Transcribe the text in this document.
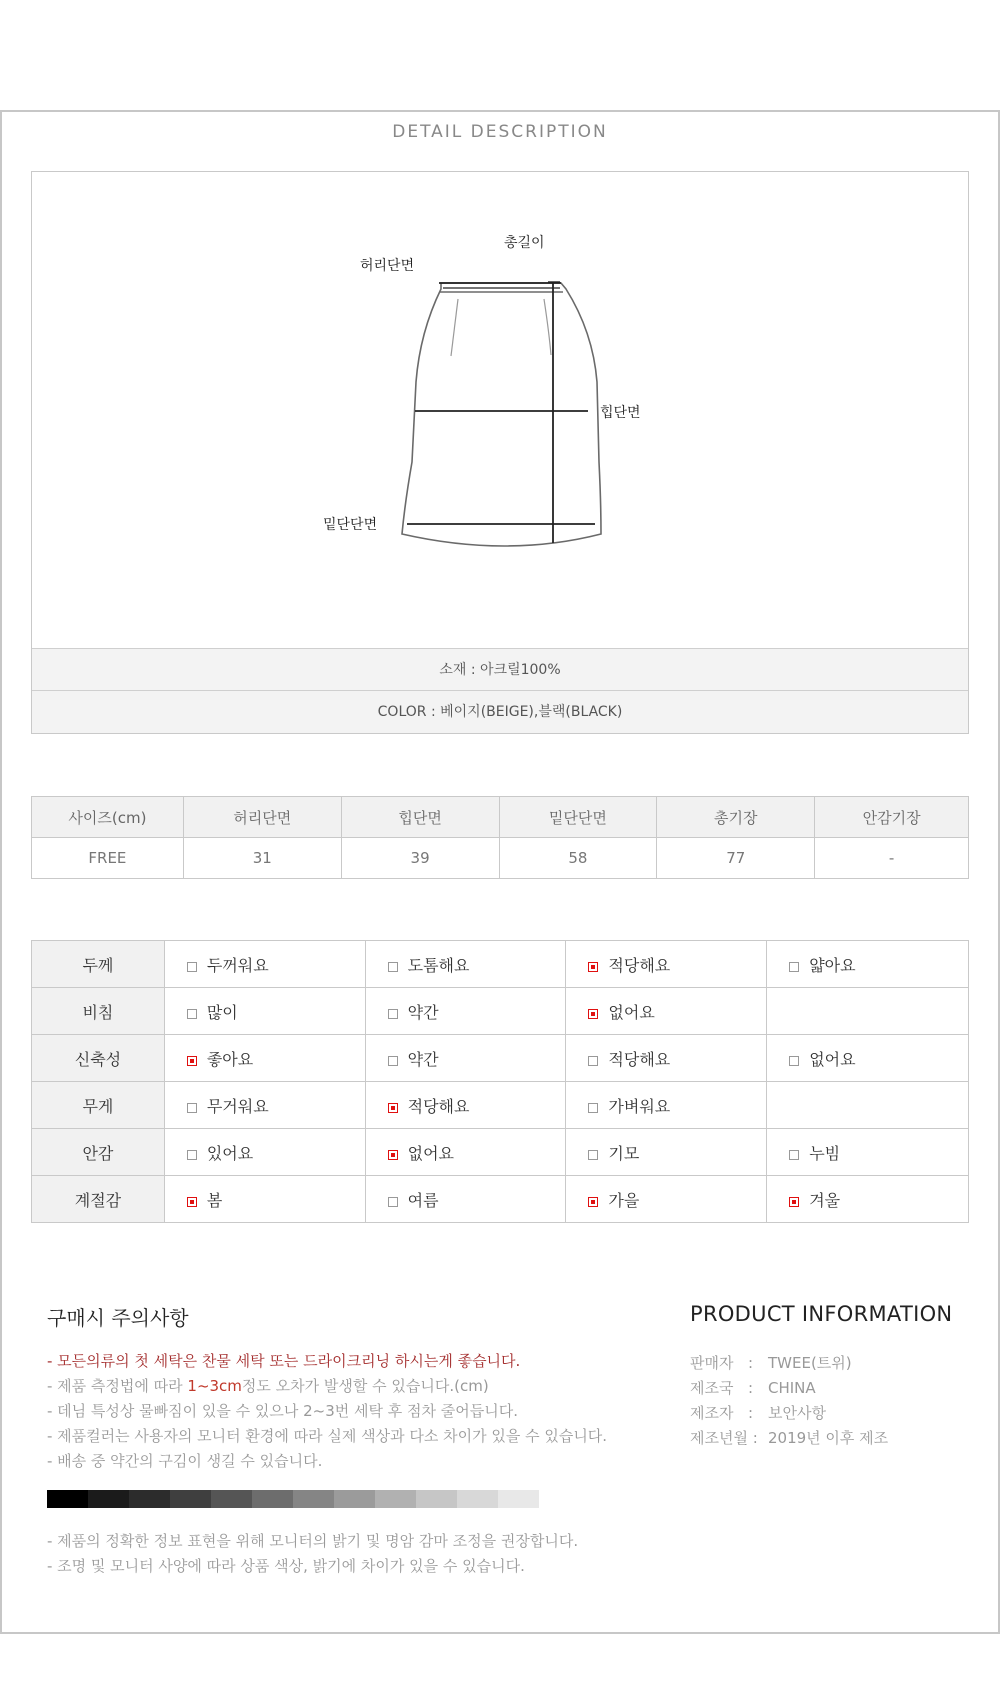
DETAIL DESCRIPTION
총길이
허리단면
힙단면
밑단단면
소재 : 아크릴100%
COLOR : 베이지(BEIGE),블랙(BLACK)
사이즈(cm)	허리단면	힙단면	밑단단면	총기장	안감기장
FREE	31	39	58	77	-
두께	두꺼워요	도톰해요	적당해요	얇아요
비침	많이	약간	없어요	
신축성	좋아요	약간	적당해요	없어요
무게	무거워요	적당해요	가벼워요	
안감	있어요	없어요	기모	누빔
계절감	봄	여름	가을	겨울
구매시 주의사항
- 모든의류의 첫 세탁은 찬물 세탁 또는 드라이크리닝 하시는게 좋습니다.
- 제품 측정법에 따라 1~3cm정도 오차가 발생할 수 있습니다.(cm)
- 데님 특성상 물빠짐이 있을 수 있으나 2~3번 세탁 후 점차 줄어듭니다.
- 제품컬러는 사용자의 모니터 환경에 따라 실제 색상과 다소 차이가 있을 수 있습니다.
- 배송 중 약간의 구김이 생길 수 있습니다.
- 제품의 정확한 정보 표현을 위해 모니터의 밝기 및 명암 감마 조정을 권장합니다.
- 조명 및 모니터 사양에 따라 상품 색상, 밝기에 차이가 있을 수 있습니다.
PRODUCT INFORMATION
판매자 : TWEE(트위)
제조국 : CHINA
제조자 : 보안사항
제조년월 : 2019년 이후 제조
